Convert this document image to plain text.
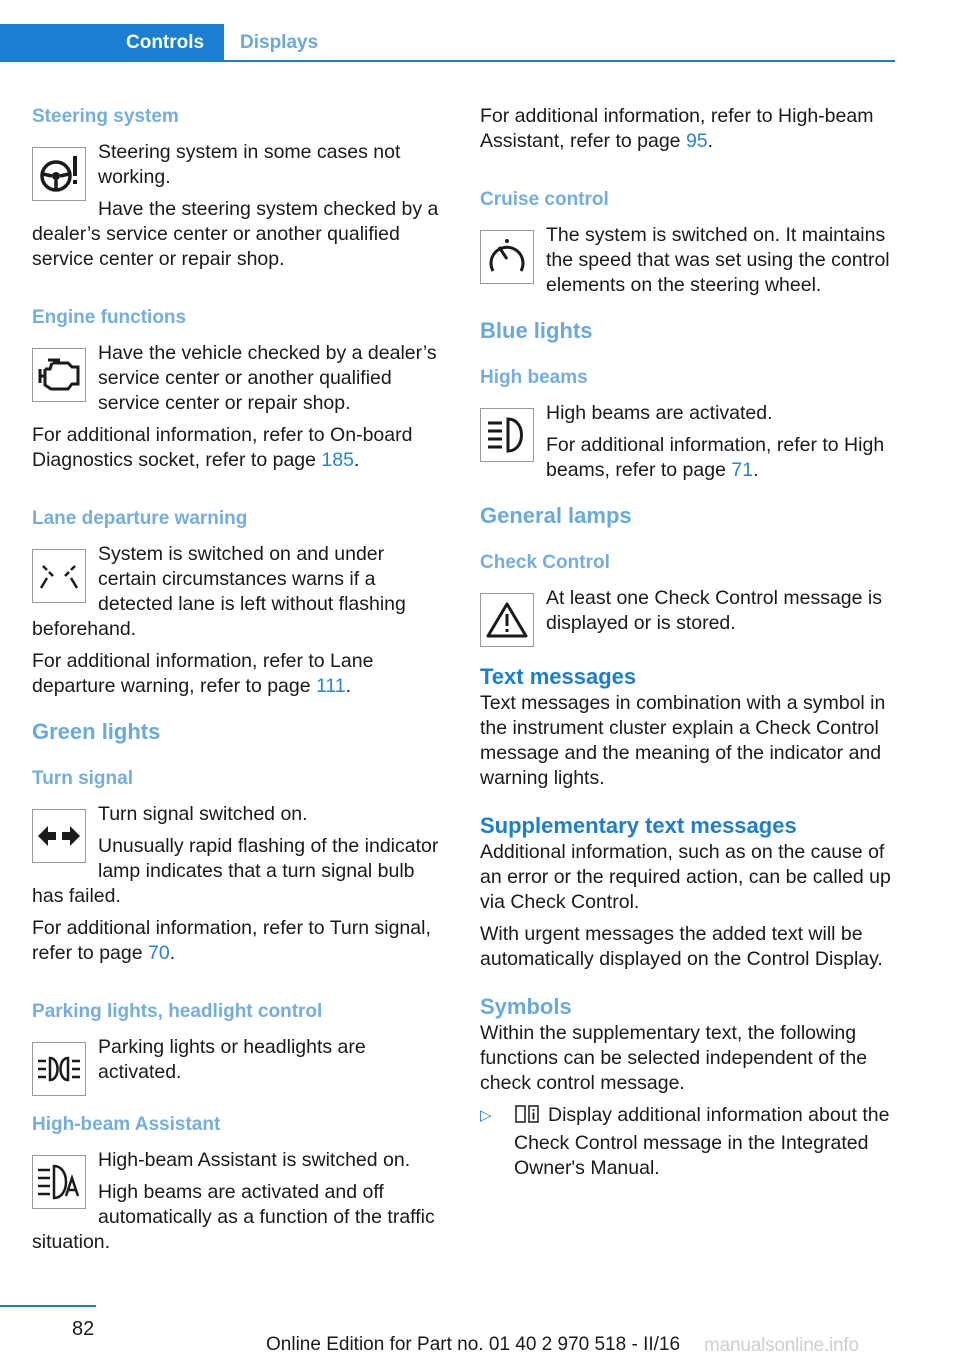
Controls	Displays
Steering system

Steering system in some cases not working.

Have the steering system checked by a dealer’s service center or another qualified service center or repair shop.

Engine functions

Have the vehicle checked by a dealer’s service center or another qualified service center or repair shop.

For additional information, refer to On-board Diagnostics socket, refer to page 185.

Lane departure warning

System is switched on and under certain circumstances warns if a detected lane is left without flashing beforehand.

For additional information, refer to Lane departure warning, refer to page 111.

Green lights
Turn signal

Turn signal switched on.

Unusually rapid flashing of the indicator lamp indicates that a turn signal bulb has failed.

For additional information, refer to Turn signal, refer to page 70.

Parking lights, headlight control

Parking lights or headlights are activated.

High-beam Assistant

High-beam Assistant is switched on.

High beams are activated and off automatically as a function of the traffic situation.

For additional information, refer to High-beam Assistant, refer to page 95.

Cruise control

The system is switched on. It maintains the speed that was set using the control elements on the steering wheel.

Blue lights
High beams

High beams are activated.

For additional information, refer to High beams, refer to page 71.

General lamps
Check Control

At least one Check Control message is displayed or is stored.

Text messages

Text messages in combination with a symbol in the instrument cluster explain a Check Control message and the meaning of the indicator and warning lights.

Supplementary text messages

Additional information, such as on the cause of an error or the required action, can be called up via Check Control.

With urgent messages the added text will be automatically displayed on the Control Display.

Symbols

Within the supplementary text, the following functions can be selected independent of the check control message.

▷	Display additional information about the Check Control message in the Integrated Owner's Manual.
82
Online Edition for Part no. 01 40 2 970 518 - II/16 manualsonline.info
